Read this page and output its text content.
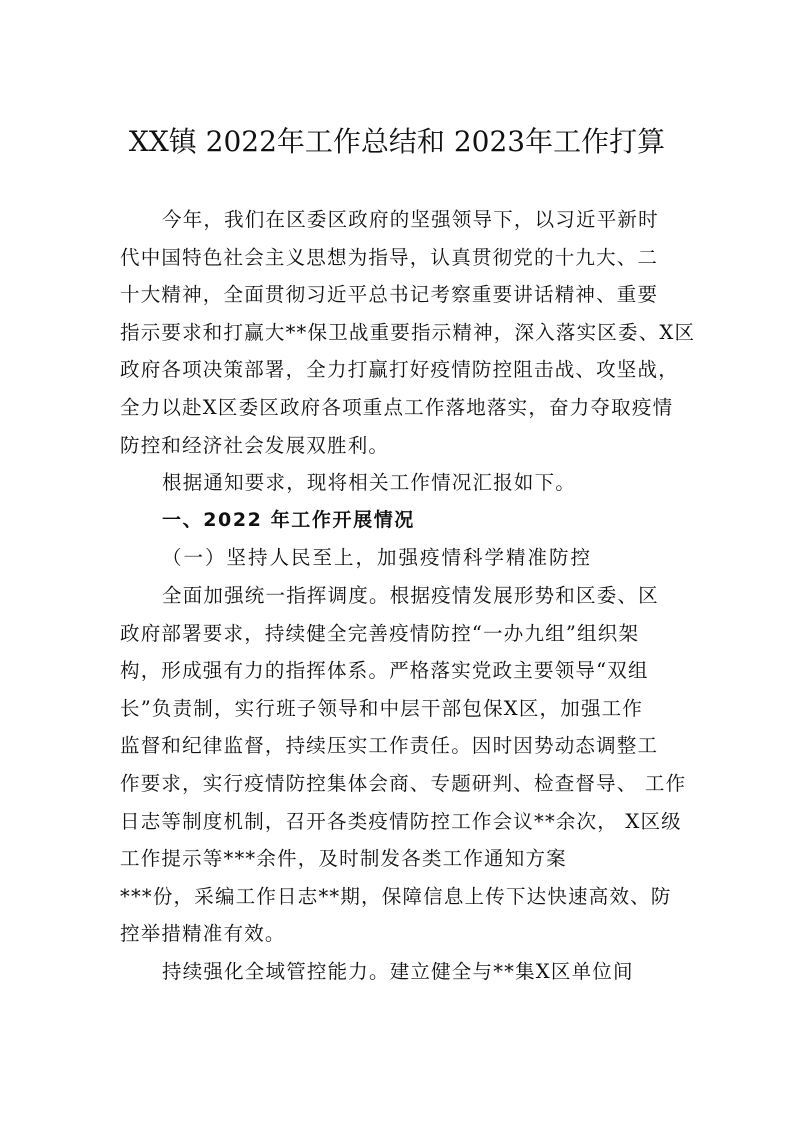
XX镇 2022年工作总结和 2023年工作打算
今年，我们在区委区政府的坚强领导下，以习近平新时
代中国特色社会主义思想为指导，认真贯彻党的十九大、二
十大精神，全面贯彻习近平总书记考察重要讲话精神、重要
指示要求和打赢大**保卫战重要指示精神，深入落实区委、X区
政府各项决策部署，全力打赢打好疫情防控阻击战、攻坚战，
全力以赴X区委区政府各项重点工作落地落实，奋力夺取疫情
防控和经济社会发展双胜利。
根据通知要求，现将相关工作情况汇报如下。
一、2022 年工作开展情况
（一）坚持人民至上，加强疫情科学精准防控
全面加强统一指挥调度。根据疫情发展形势和区委、区
政府部署要求，持续健全完善疫情防控“一办九组”组织架
构，形成强有力的指挥体系。严格落实党政主要领导“双组
长”负责制，实行班子领导和中层干部包保X区，加强工作
监督和纪律监督，持续压实工作责任。因时因势动态调整工
作要求，实行疫情防控集体会商、专题研判、检查督导、 工作
日志等制度机制，召开各类疫情防控工作会议**余次， X区级
工作提示等***余件，及时制发各类工作通知方案
***份，采编工作日志**期，保障信息上传下达快速高效、防
控举措精准有效。
持续强化全域管控能力。建立健全与**集X区单位间
